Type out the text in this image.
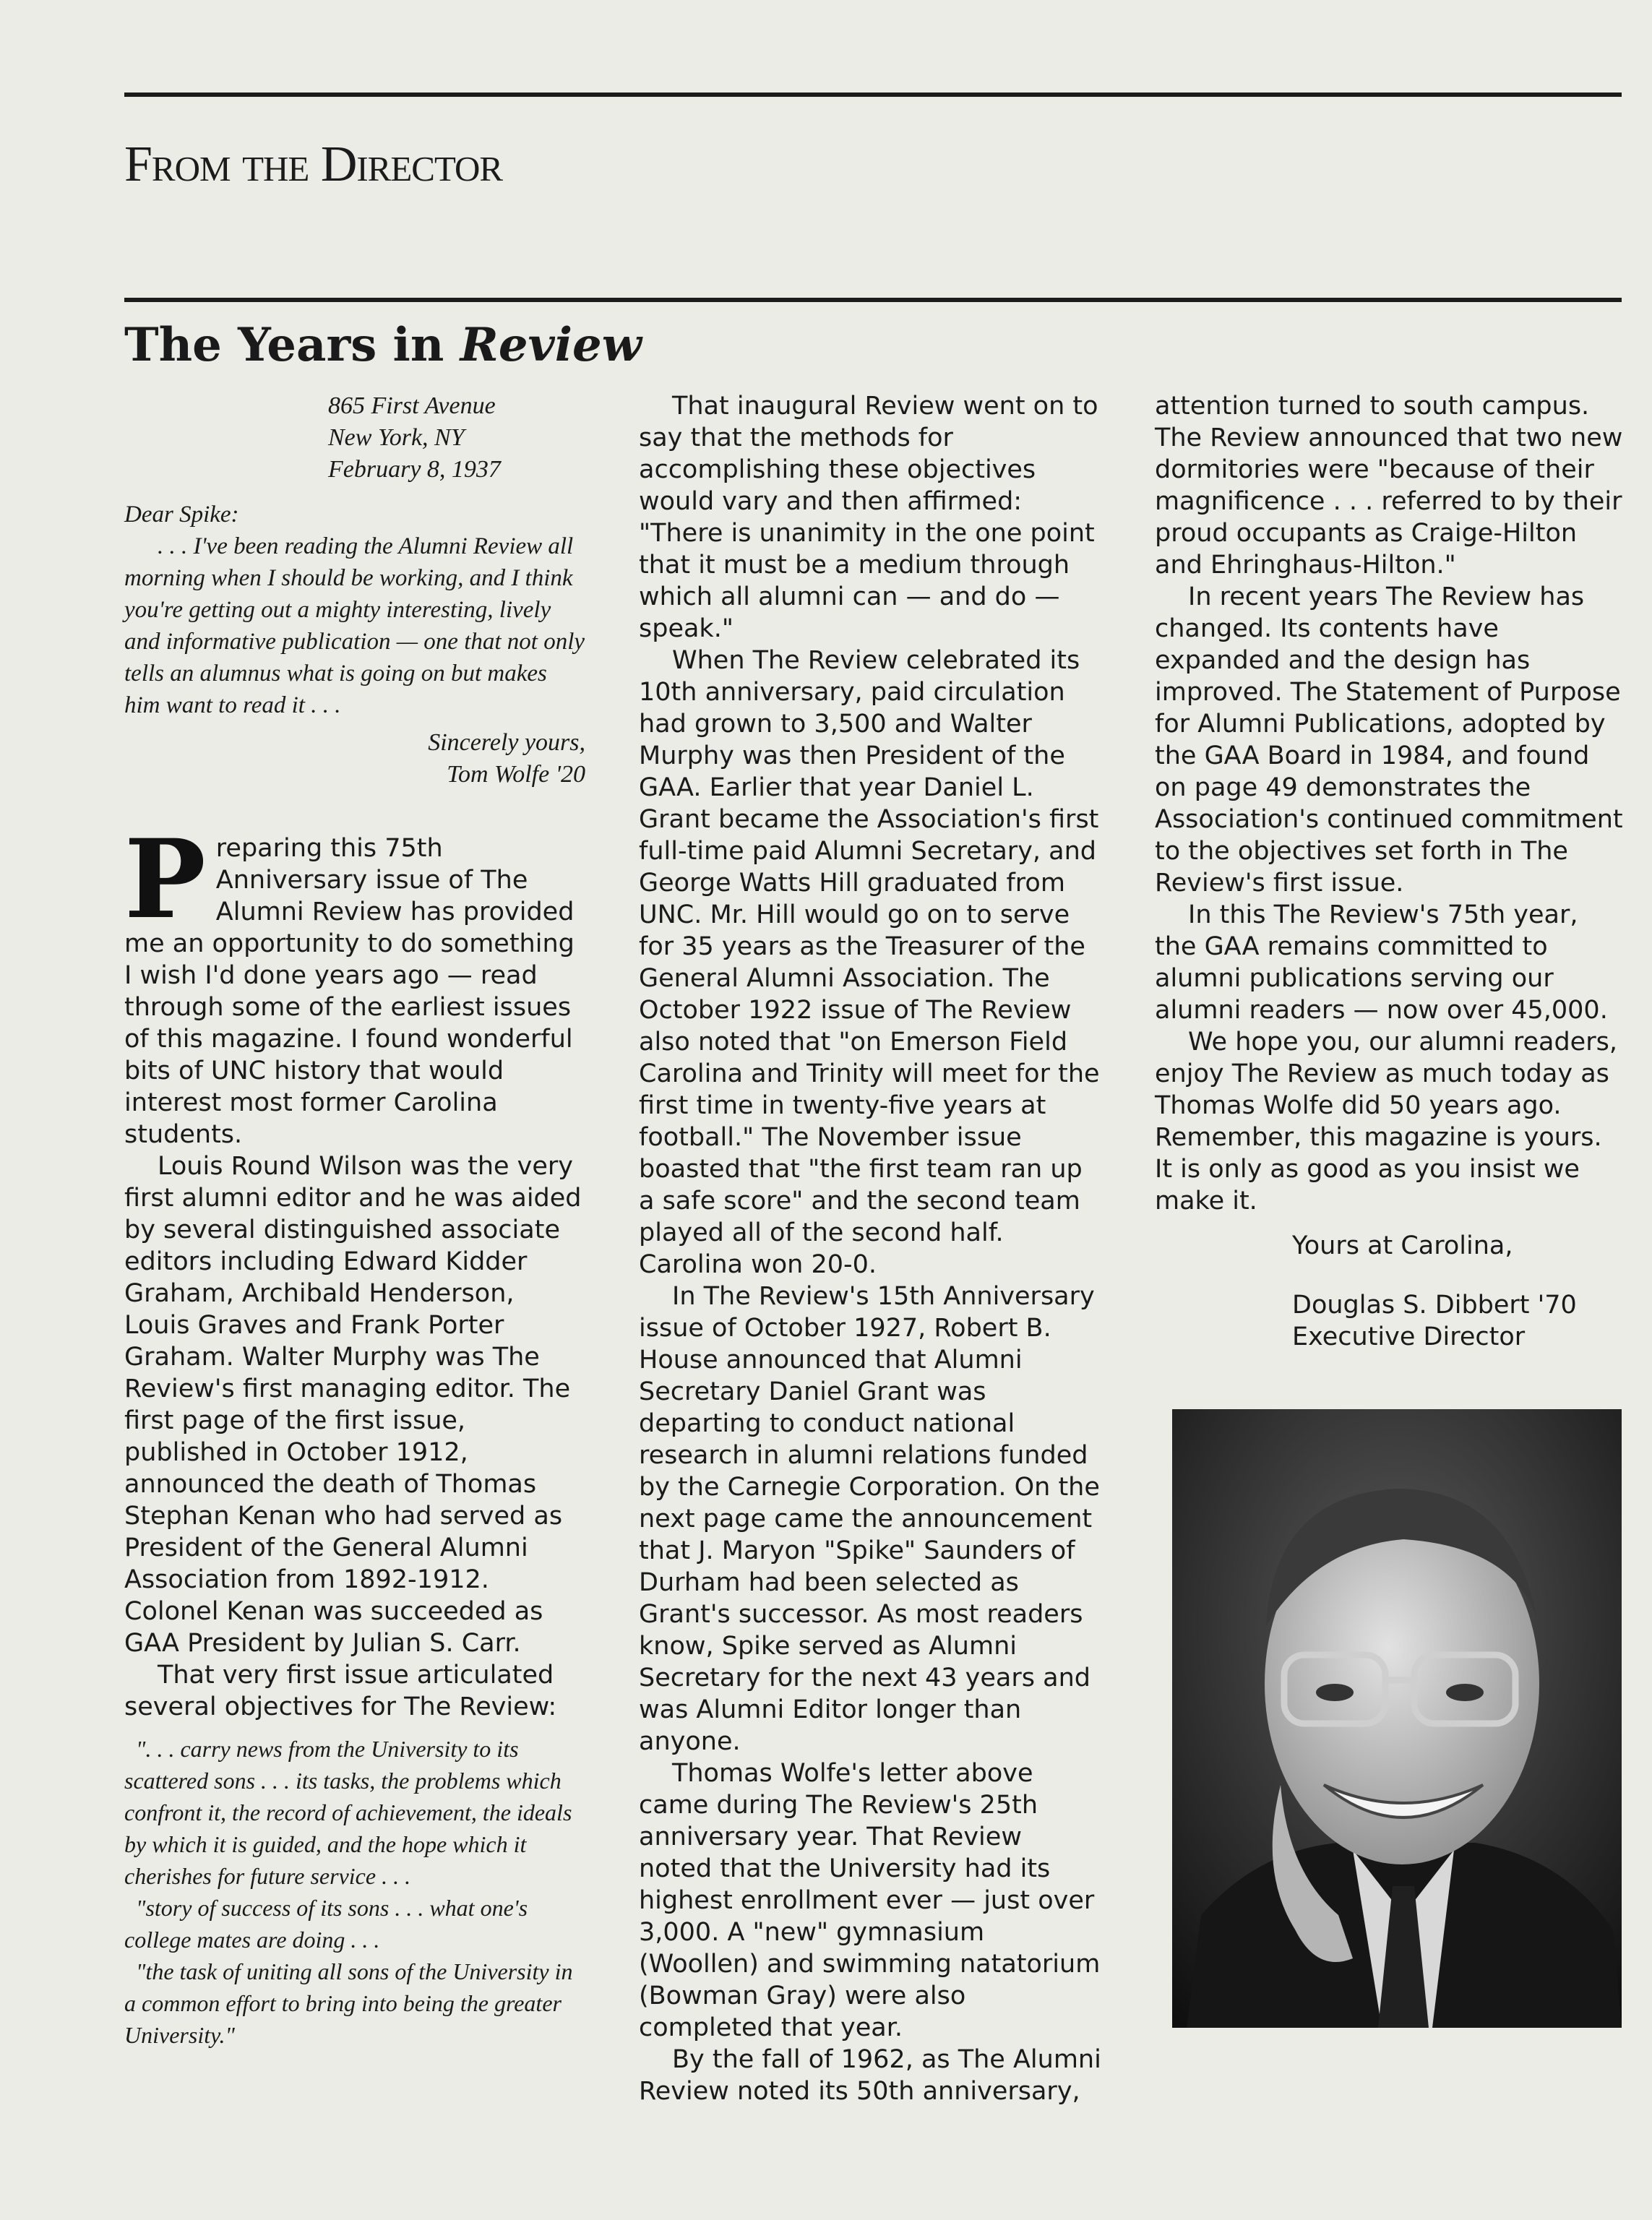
From the Director
The Years in Review
865 First Avenue
New York, NY
February 8, 1937

Dear Spike:

. . . I've been reading the Alumni Review all morning when I should be working, and I think you're getting out a mighty interesting, lively and informative publication — one that not only tells an alumnus what is going on but makes him want to read it . . .

Sincerely yours,
Tom Wolfe '20

Preparing this 75th Anniversary issue of The Alumni Review has provided me an opportunity to do something I wish I'd done years ago — read through some of the earliest issues of this magazine. I found wonderful bits of UNC history that would interest most former Carolina students.

Louis Round Wilson was the very first alumni editor and he was aided by several distinguished associate editors including Edward Kidder Graham, Archibald Henderson, Louis Graves and Frank Porter Graham. Walter Murphy was The Review's first managing editor. The first page of the first issue, published in October 1912, announced the death of Thomas Stephan Kenan who had served as President of the General Alumni Association from 1892-1912. Colonel Kenan was succeeded as GAA President by Julian S. Carr.

That very first issue articulated several objectives for The Review:

". . . carry news from the University to its scattered sons . . . its tasks, the problems which confront it, the record of achievement, the ideals by which it is guided, and the hope which it cherishes for future service . . .

"story of success of its sons . . . what one's college mates are doing . . .

"the task of uniting all sons of the University in a common effort to bring into being the greater University."

That inaugural Review went on to say that the methods for accomplishing these objectives would vary and then affirmed: "There is unanimity in the one point that it must be a medium through which all alumni can — and do — speak."

When The Review celebrated its 10th anniversary, paid circulation had grown to 3,500 and Walter Murphy was then President of the GAA. Earlier that year Daniel L. Grant became the Association's first full-time paid Alumni Secretary, and George Watts Hill graduated from UNC. Mr. Hill would go on to serve for 35 years as the Treasurer of the General Alumni Association. The October 1922 issue of The Review also noted that "on Emerson Field Carolina and Trinity will meet for the first time in twenty-five years at football." The November issue boasted that "the first team ran up a safe score" and the second team played all of the second half. Carolina won 20-0.

In The Review's 15th Anniversary issue of October 1927, Robert B. House announced that Alumni Secretary Daniel Grant was departing to conduct national research in alumni relations funded by the Carnegie Corporation. On the next page came the announcement that J. Maryon "Spike" Saunders of Durham had been selected as Grant's successor. As most readers know, Spike served as Alumni Secretary for the next 43 years and was Alumni Editor longer than anyone.

Thomas Wolfe's letter above came during The Review's 25th anniversary year. That Review noted that the University had its highest enrollment ever — just over 3,000. A "new" gymnasium (Woollen) and swimming natatorium (Bowman Gray) were also completed that year.

By the fall of 1962, as The Alumni Review noted its 50th anniversary,

attention turned to south campus. The Review announced that two new dormitories were "because of their magnificence . . . referred to by their proud occupants as Craige-Hilton and Ehringhaus-Hilton."

In recent years The Review has changed. Its contents have expanded and the design has improved. The Statement of Purpose for Alumni Publications, adopted by the GAA Board in 1984, and found on page 49 demonstrates the Association's continued commitment to the objectives set forth in The Review's first issue.

In this The Review's 75th year, the GAA remains committed to alumni publications serving our alumni readers — now over 45,000.

We hope you, our alumni readers, enjoy The Review as much today as Thomas Wolfe did 50 years ago. Remember, this magazine is yours. It is only as good as you insist we make it.

Yours at Carolina,
Douglas S. Dibbert '70
Executive Director
